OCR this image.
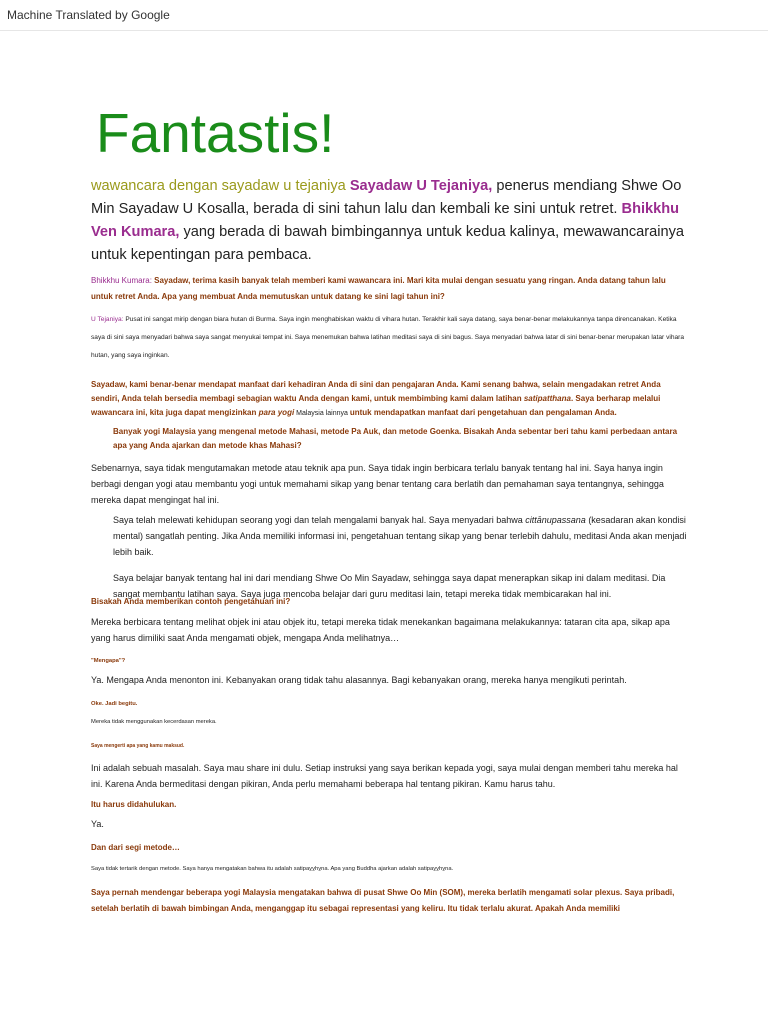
Machine Translated by Google
Fantastis!
wawancara dengan sayadaw u tejaniya Sayadaw U Tejaniya, penerus mendiang Shwe Oo Min Sayadaw U Kosalla, berada di sini tahun lalu dan kembali ke sini untuk retret. Bhikkhu Ven Kumara, yang berada di bawah bimbingannya untuk kedua kalinya, mewawancarainya untuk kepentingan para pembaca.
Bhikkhu Kumara: Sayadaw, terima kasih banyak telah memberi kami wawancara ini. Mari kita mulai dengan sesuatu yang ringan. Anda datang tahun lalu untuk retret Anda. Apa yang membuat Anda memutuskan untuk datang ke sini lagi tahun ini?
U Tejaniya: Pusat ini sangat mirip dengan biara hutan di Burma. Saya ingin menghabiskan waktu di vihara hutan. Terakhir kali saya datang, saya benar-benar melakukannya tanpa direncanakan. Ketika saya di sini saya menyadari bahwa saya sangat menyukai tempat ini. Saya menemukan bahwa latihan meditasi saya di sini bagus. Saya menyadari bahwa latar di sini benar-benar merupakan latar vihara hutan, yang saya inginkan.
Sayadaw, kami benar-benar mendapat manfaat dari kehadiran Anda di sini dan pengajaran Anda. Kami senang bahwa, selain mengadakan retret Anda sendiri, Anda telah bersedia membagi sebagian waktu Anda dengan kami, untuk membimbing kami dalam latihan satipatthana. Saya berharap melalui wawancara ini, kita juga dapat mengizinkan para yogi Malaysia lainnya untuk mendapatkan manfaat dari pengetahuan dan pengalaman Anda.

Banyak yogi Malaysia yang mengenal metode Mahasi, metode Pa Auk, dan metode Goenka. Bisakah Anda sebentar beri tahu kami perbedaan antara apa yang Anda ajarkan dan metode khas Mahasi?

Sebenarnya, saya tidak mengutamakan metode atau teknik apa pun. Saya tidak ingin berbicara terlalu banyak tentang hal ini. Saya hanya ingin berbagi dengan yogi atau membantu yogi untuk memahami sikap yang benar tentang cara berlatih dan pemahaman saya tentangnya, sehingga mereka dapat mengingat hal ini.

Saya telah melewati kehidupan seorang yogi dan telah mengalami banyak hal. Saya menyadari bahwa cittānupassana (kesadaran akan kondisi mental) sangatlah penting. Jika Anda memiliki informasi ini, pengetahuan tentang sikap yang benar terlebih dahulu, meditasi Anda akan menjadi lebih baik.

Saya belajar banyak tentang hal ini dari mendiang Shwe Oo Min Sayadaw, sehingga saya dapat menerapkan sikap ini dalam meditasi. Dia sangat membantu latihan saya. Saya juga mencoba belajar dari guru meditasi lain, tetapi mereka tidak membicarakan hal ini.

Bisakah Anda memberikan contoh pengetahuan ini?
Mereka berbicara tentang melihat objek ini atau objek itu, tetapi mereka tidak menekankan bagaimana melakukannya: tataran cita apa, sikap apa yang harus dimiliki saat Anda mengamati objek, mengapa Anda melihatnya…
"Mengapa"?
Ya. Mengapa Anda menonton ini. Kebanyakan orang tidak tahu alasannya. Bagi kebanyakan orang, mereka hanya mengikuti perintah.
Oke. Jadi begitu.
Mereka tidak menggunakan kecerdasan mereka.
Saya mengerti apa yang kamu maksud.
Ini adalah sebuah masalah. Saya mau share ini dulu. Setiap instruksi yang saya berikan kepada yogi, saya mulai dengan memberi tahu mereka hal ini. Karena Anda bermeditasi dengan pikiran, Anda perlu memahami beberapa hal tentang pikiran. Kamu harus tahu.
Itu harus didahulukan.
Ya.
Dan dari segi metode…
Saya tidak tertarik dengan metode. Saya hanya mengatakan bahwa itu adalah satipaỵỵhỵna. Apa yang Buddha ajarkan adalah satipaỵỵhỵna.
Saya pernah mendengar beberapa yogi Malaysia mengatakan bahwa di pusat Shwe Oo Min (SOM), mereka berlatih mengamati solar plexus. Saya pribadi, setelah berlatih di bawah bimbingan Anda, menganggap itu sebagai representasi yang keliru. Itu tidak terlalu akurat. Apakah Anda memiliki
